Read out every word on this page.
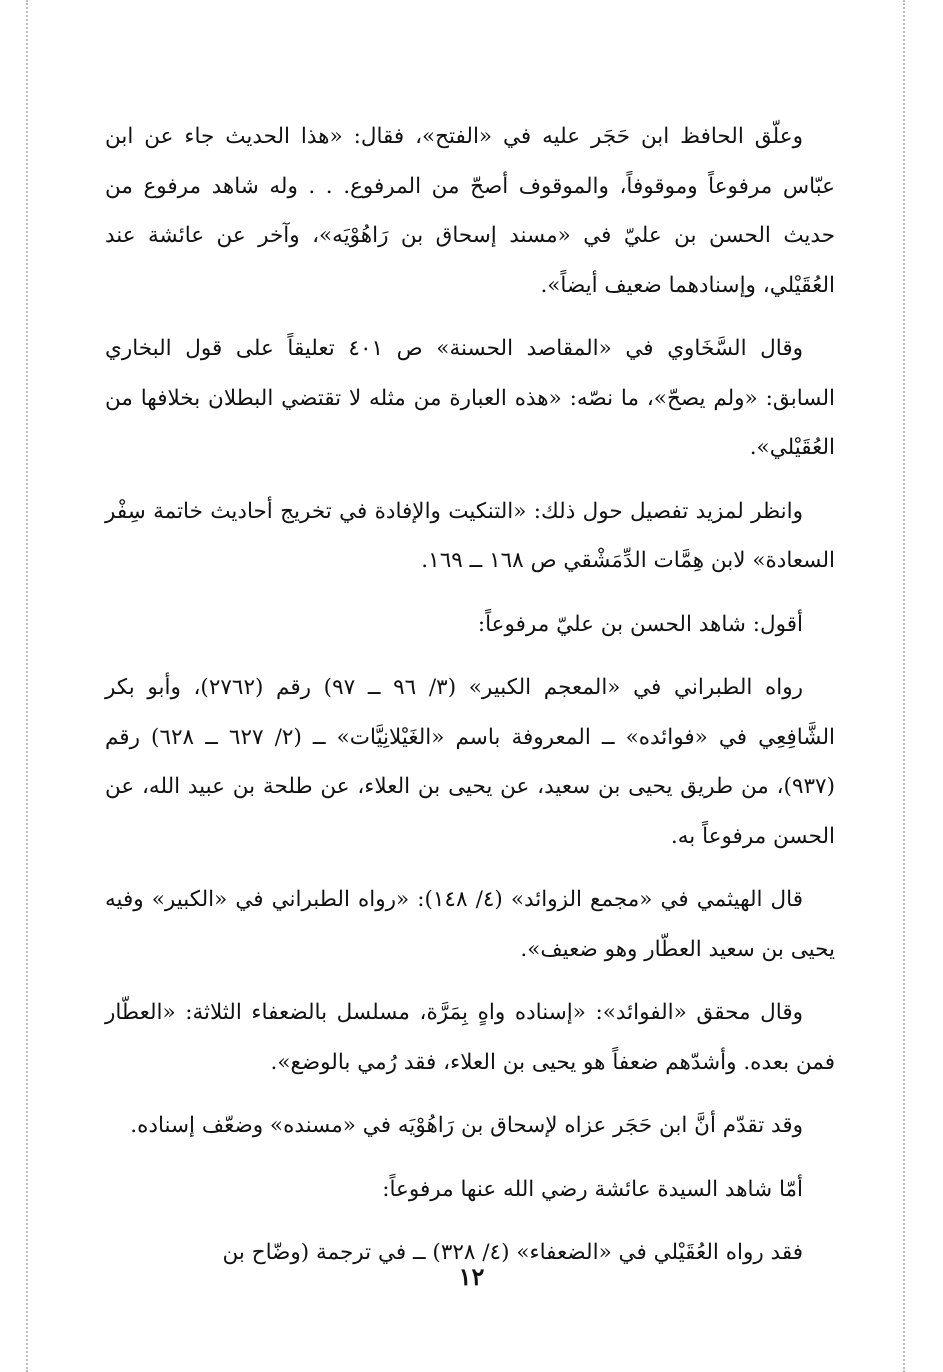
وعلّق الحافظ ابن حَجَر عليه في «الفتح»، فقال: «هذا الحديث جاء عن ابن عبّاس مرفوعاً وموقوفاً، والموقوف أصحّ من المرفوع. . . وله شاهد مرفوع من حديث الحسن بن عليّ في «مسند إسحاق بن رَاهُوْيَه»، وآخر عن عائشة عند العُقَيْلي، وإسنادهما ضعيف أيضاً».

وقال السَّخَاوي في «المقاصد الحسنة» ص ٤٠١ تعليقاً على قول البخاري السابق: «ولم يصحّ»، ما نصّه: «هذه العبارة من مثله لا تقتضي البطلان بخلافها من العُقَيْلي».

وانظر لمزيد تفصيل حول ذلك: «التنكيت والإفادة في تخريج أحاديث خاتمة سِفْر السعادة» لابن هِمَّات الدِّمَشْقي ص ١٦٨ ــ ١٦٩.

أقول: شاهد الحسن بن عليّ مرفوعاً:

رواه الطبراني في «المعجم الكبير» (٣/ ٩٦ ــ ٩٧) رقم (٢٧٦٢)، وأبو بكر الشَّافِعِي في «فوائده» ــ المعروفة باسم «الغَيْلانِيَّات» ــ (٢/ ٦٢٧ ــ ٦٢٨) رقم (٩٣٧)، من طريق يحيى بن سعيد، عن يحيى بن العلاء، عن طلحة بن عبيد الله، عن الحسن مرفوعاً به.

قال الهيثمي في «مجمع الزوائد» (٤/ ١٤٨): «رواه الطبراني في «الكبير» وفيه يحيى بن سعيد العطّار وهو ضعيف».

وقال محقق «الفوائد»: «إسناده واهٍ بِمَرَّة، مسلسل بالضعفاء الثلاثة: «العطّار فمن بعده. وأشدّهم ضعفاً هو يحيى بن العلاء، فقد رُمي بالوضع».

وقد تقدّم أنَّ ابن حَجَر عزاه لإسحاق بن رَاهُوْيَه في «مسنده» وضعّف إسناده.

أمّا شاهد السيدة عائشة رضي الله عنها مرفوعاً:

فقد رواه العُقَيْلي في «الضعفاء» (٤/ ٣٢٨) ــ في ترجمة (وضّاح بن

١٢
